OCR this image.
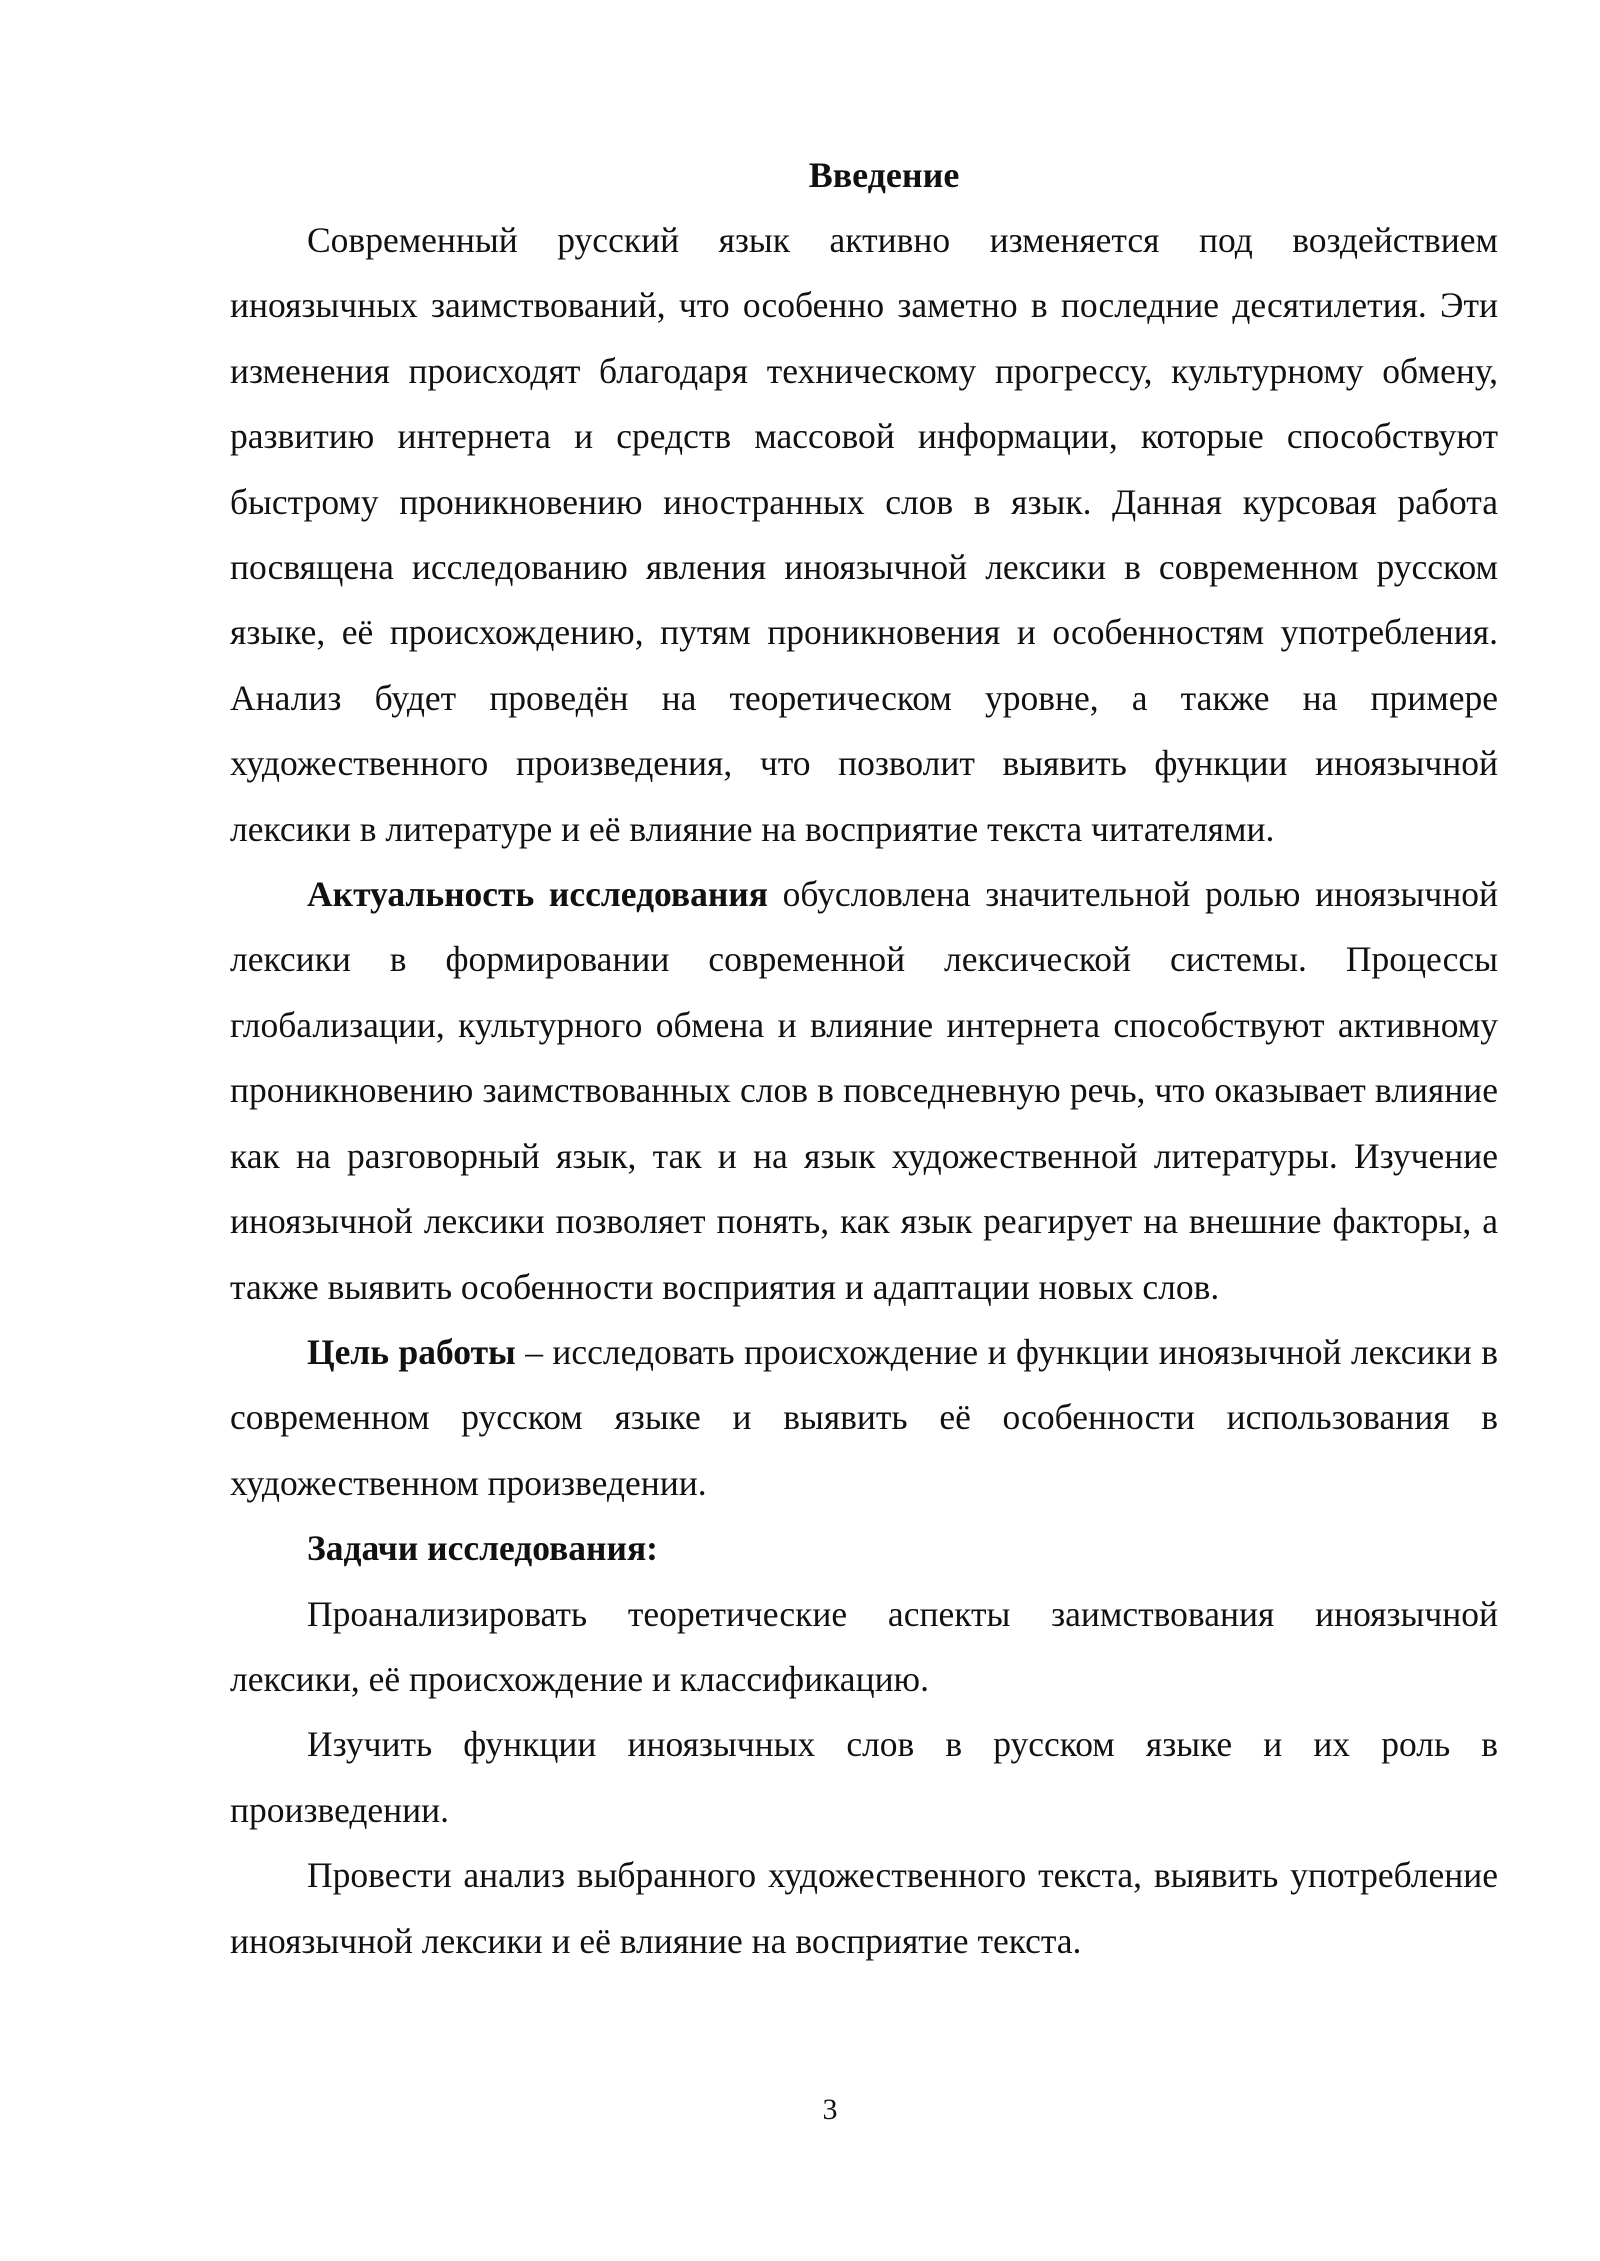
Введение

Современный русский язык активно изменяется под воздействием иноязычных заимствований, что особенно заметно в последние десятилетия. Эти изменения происходят благодаря техническому прогрессу, культурному обмену, развитию интернета и средств массовой информации, которые способствуют быстрому проникновению иностранных слов в язык. Данная курсовая работа посвящена исследованию явления иноязычной лексики в современном русском языке, её происхождению, путям проникновения и особенностям употребления. Анализ будет проведён на теоретическом уровне, а также на примере художественного произведения, что позволит выявить функции иноязычной лексики в литературе и её влияние на восприятие текста читателями.

Актуальность исследования обусловлена значительной ролью иноязычной лексики в формировании современной лексической системы. Процессы глобализации, культурного обмена и влияние интернета способствуют активному проникновению заимствованных слов в повседневную речь, что оказывает влияние как на разговорный язык, так и на язык художественной литературы. Изучение иноязычной лексики позволяет понять, как язык реагирует на внешние факторы, а также выявить особенности восприятия и адаптации новых слов.

Цель работы – исследовать происхождение и функции иноязычной лексики в современном русском языке и выявить её особенности использования в художественном произведении.

Задачи исследования:

Проанализировать теоретические аспекты заимствования иноязычной лексики, её происхождение и классификацию.

Изучить функции иноязычных слов в русском языке и их роль в произведении.

Провести анализ выбранного художественного текста, выявить употребление иноязычной лексики и её влияние на восприятие текста.

3
